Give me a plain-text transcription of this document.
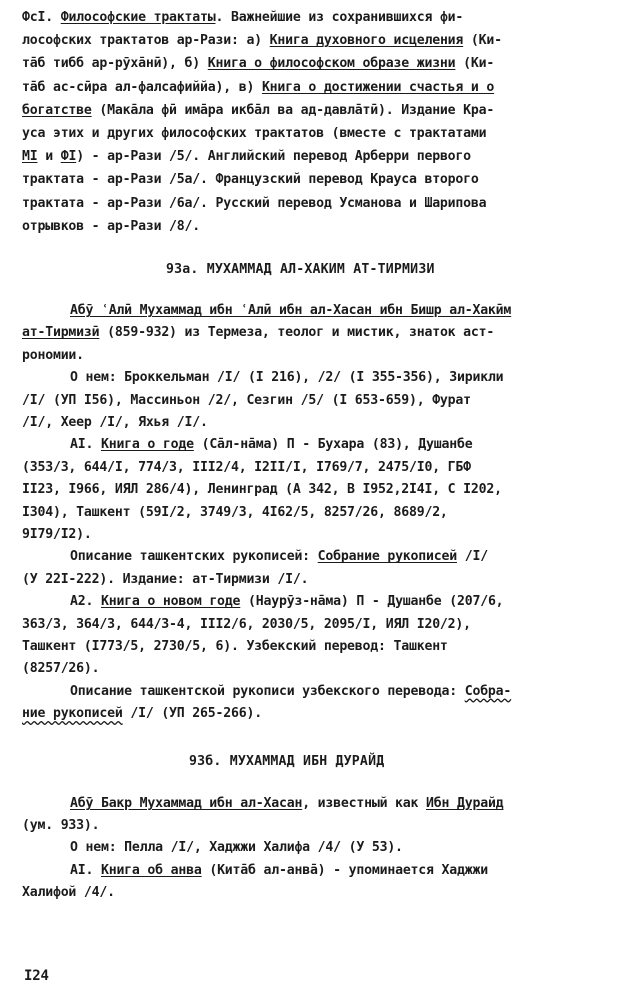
ФсI. Философские трактаты. Важнейшие из сохранившихся фи-
лософских трактатов ар-Рази: а) Книга духовного исцеления (Ки-
та̄б тибб ар-рӯха̄нӣ), б) Книга о философском образе жизни (Ки-
та̄б ас-сӣра ал-фалсафиййа), в) Книга о достижении счастья и о
богатстве (Мака̄ла фӣ има̄ра икба̄л ва ад-давла̄тӣ). Издание Кра-
уса этих и других философских трактатов (вместе с трактатами
МI и ФI) - ар-Рази /5/. Английский перевод Арберри первого
трактата - ар-Рази /5а/. Французский перевод Крауса второго
трактата - ар-Рази /6а/. Русский перевод Усманова и Шарипова
отрывков - ар-Рази /8/.
93а. МУХАММАД АЛ-ХАКИМ АТ-ТИРМИЗИ
Абӯ ʿАлӣ Мухаммад ибн ʿАлӣ ибн ал-Хасан ибн Бишр ал-Хакӣм
ат-Тирмизӣ (859-932) из Термеза, теолог и мистик, знаток аст-
рономии.
О нем: Броккельман /I/ (I 216), /2/ (I 355-356), Зирикли
/I/ (УП I56), Массиньон /2/, Сезгин /5/ (I 653-659), Фурат
/I/, Хеер /I/, Яхья /I/.
АI. Книга о годе (Са̄л-на̄ма) П - Бухара (83), Душанбе
(353/3, 644/I, 774/3, III2/4, I2II/I, I769/7, 2475/I0, ГБФ
II23, I966, ИЯЛ 286/4), Ленинград (А 342, В I952,2I4I, С I202,
I304), Ташкент (59I/2, 3749/3, 4I62/5, 8257/26, 8689/2,
9I79/I2).
Описание ташкентских рукописей: Собрание рукописей /I/
(У 22I-222). Издание: ат-Тирмизи /I/.
А2. Книга о новом годе (Наурӯз-на̄ма) П - Душанбе (207/6,
363/3, 364/3, 644/3-4, III2/6, 2030/5, 2095/I, ИЯЛ I20/2),
Ташкент (I773/5, 2730/5, 6). Узбекский перевод: Ташкент
(8257/26).
Описание ташкентской рукописи узбекского перевода: Собра-
ние рукописей /I/ (УП 265-266).
93б. МУХАММАД ИБН ДУРАЙД
Абӯ Бакр Мухаммад ибн ал-Хасан, известный как Ибн Дурайд
(ум. 933).
О нем: Пелла /I/, Хаджжи Халифа /4/ (У 53).
АI. Книга об анва (Кита̄б ал-анва̄) - упоминается Хаджжи
Халифой /4/.
I24
